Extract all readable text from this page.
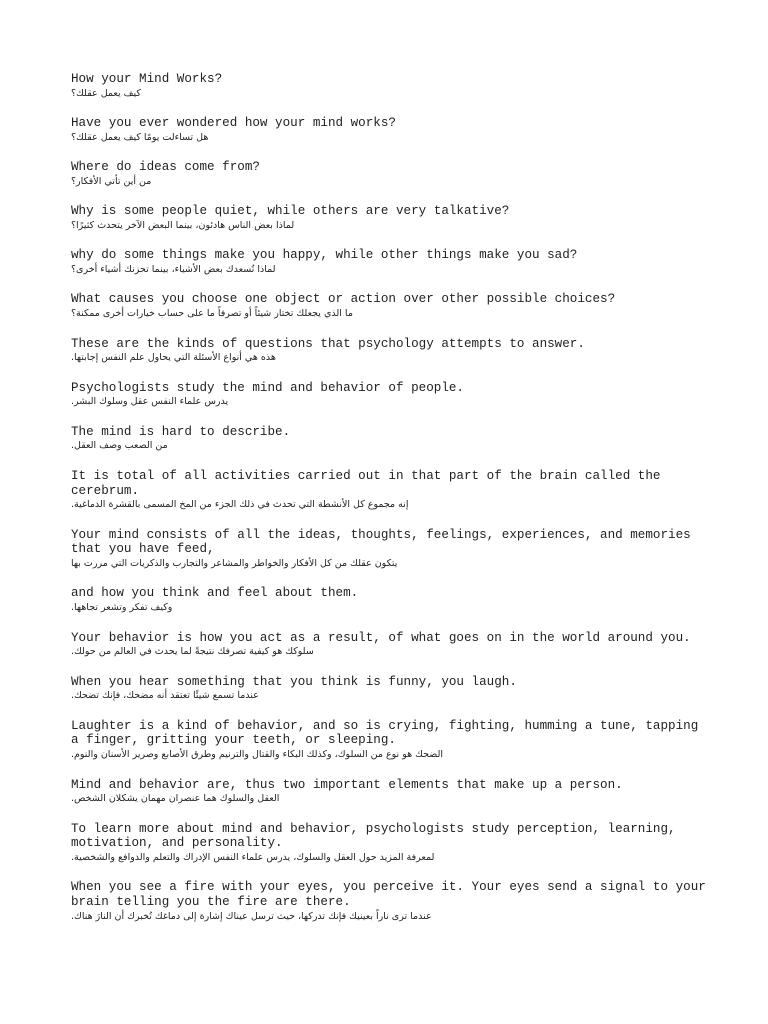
How your Mind Works?
كيف يعمل عقلك؟
Have you ever wondered how your mind works?
هل تساءلت يومًا كيف يعمل عقلك؟
Where do ideas come from?
من أين تأتي الأفكار؟
Why is some people quiet, while others are very talkative?
لماذا بعض الناس هادئون، بينما البعض الآخر يتحدث كثيرًا؟
why do some things make you happy, while other things make you sad?
لماذا تُسعدك بعض الأشياء، بينما تحزنك أشياء أخرى؟
What causes you choose one object or action over other possible choices?
ما الذي يجعلك تختار شيئاً أو تصرفاً ما على حساب خيارات أخرى ممكنة؟
These are the kinds of questions that psychology attempts to answer.
هذه هي أنواع الأسئلة التي يحاول علم النفس إجابتها.
Psychologists study the mind and behavior of people.
يدرس علماء النفس عقل وسلوك البشر.
The mind is hard to describe.
من الصعب وصف العقل.
It is total of all activities carried out in that part of the brain called the cerebrum.
إنه مجموع كل الأنشطة التي تحدث في ذلك الجزء من المخ المسمى بالقشرة الدماغية.
Your mind consists of all the ideas, thoughts, feelings, experiences, and memories that you have feed,
يتكون عقلك من كل الأفكار والخواطر والمشاعر والتجارب والذكريات التي مررت بها
and how you think and feel about them.
وكيف تفكر وتشعر تجاهها.
Your behavior is how you act as a result, of what goes on in the world around you.
سلوكك هو كيفية تصرفك نتيجةً لما يحدث في العالم من حولك.
When you hear something that you think is funny, you laugh.
عندما تسمع شيئًا تعتقد أنه مضحك، فإنك تضحك.
Laughter is a kind of behavior, and so is crying, fighting, humming a tune, tapping a finger, gritting your teeth, or sleeping.
الضحك هو نوع من السلوك، وكذلك البكاء والقتال والترنيم وطرق الأصابع وصرير الأسنان والنوم.
Mind and behavior are, thus two important elements that make up a person.
العقل والسلوك هما عنصران مهمان يشكلان الشخص.
To learn more about mind and behavior, psychologists study perception, learning, motivation, and personality.
لمعرفة المزيد حول العقل والسلوك، يدرس علماء النفس الإدراك والتعلم والدوافع والشخصية.
When you see a fire with your eyes, you perceive it. Your eyes send a signal to your brain telling you the fire are there.
عندما ترى ناراً بعينيك فإنك تدركها، حيث ترسل عيناك إشارة إلى دماغك تُخبرك أن النارَ هناك.
